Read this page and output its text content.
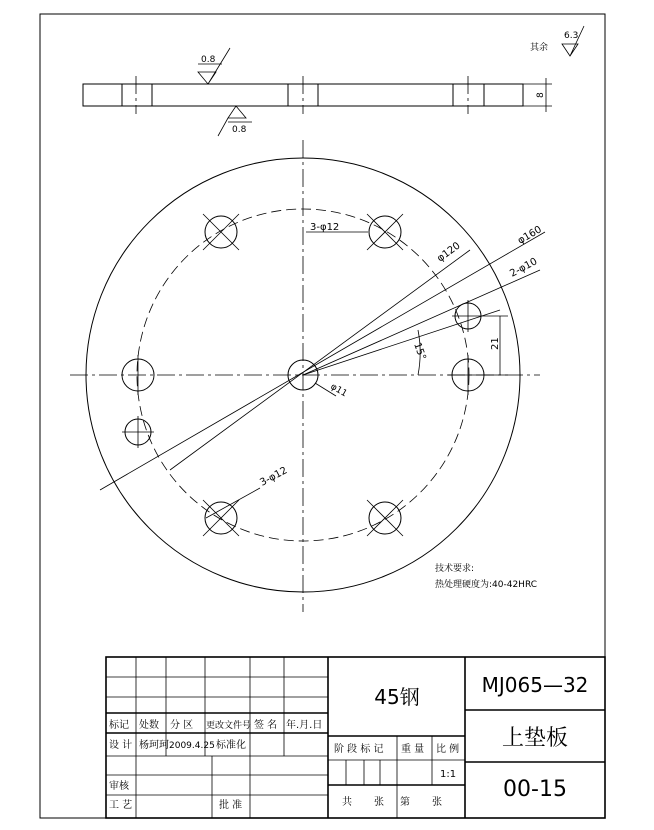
其余
6.3
0.8
0.8
8
φ160
φ120
3-φ12
3-φ12
2-φ10
φ11
15°	21
技术要求:
热处理硬度为:40-42HRC
标记 处数 分 区 更改文件号 签 名 年.月.日
设 计 杨珂珂 2009.4.25 标准化
审核
工 艺	批 准
45钢
阶 段 标 记 重 量 比 例
1:1
共 张 第 张
MJ065—32
上垫板
00-15
